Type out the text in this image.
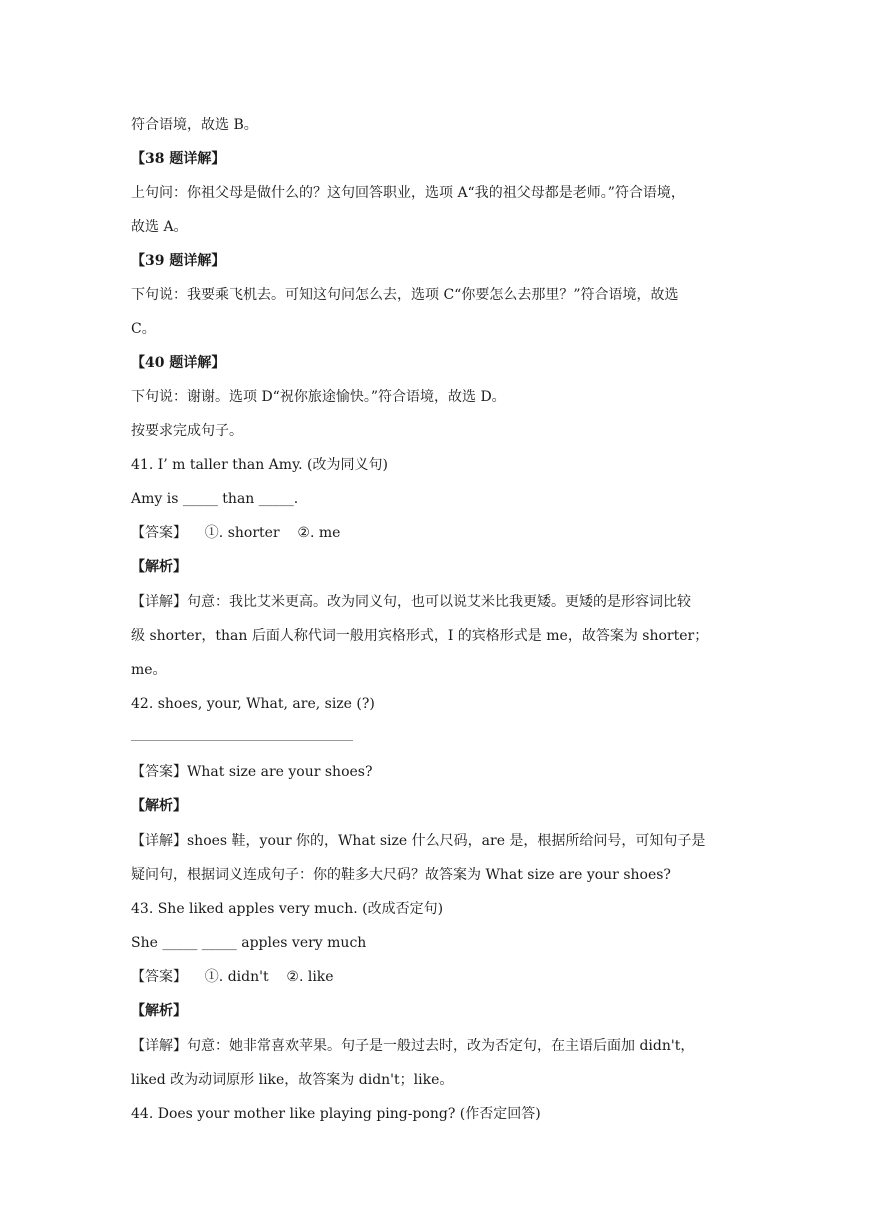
符合语境，故选 B。
【38 题详解】
上句问：你祖父母是做什么的？这句回答职业，选项 A“我的祖父母都是老师。”符合语境，
故选 A。
【39 题详解】
下句说：我要乘飞机去。可知这句问怎么去，选项 C“你要怎么去那里？”符合语境，故选
C。
【40 题详解】
下句说：谢谢。选项 D“祝你旅途愉快。”符合语境，故选 D。
按要求完成句子。
41. I’ m taller than Amy. (改为同义句)
Amy is _____ than _____.
【答案】    ①. shorter    ②. me
【解析】
【详解】句意：我比艾米更高。改为同义句，也可以说艾米比我更矮。更矮的是形容词比较
级 shorter，than 后面人称代词一般用宾格形式，I 的宾格形式是 me，故答案为 shorter；
me。
42. shoes, your, What, are, size (?)
【答案】What size are your shoes?
【解析】
【详解】shoes 鞋，your 你的，What size 什么尺码，are 是，根据所给问号，可知句子是
疑问句，根据词义连成句子：你的鞋多大尺码？故答案为 What size are your shoes?
43. She liked apples very much. (改成否定句)
She _____ _____ apples very much
【答案】    ①. didn't    ②. like
【解析】
【详解】句意：她非常喜欢苹果。句子是一般过去时，改为否定句，在主语后面加 didn't，
liked 改为动词原形 like，故答案为 didn't；like。
44. Does your mother like playing ping-pong? (作否定回答)
